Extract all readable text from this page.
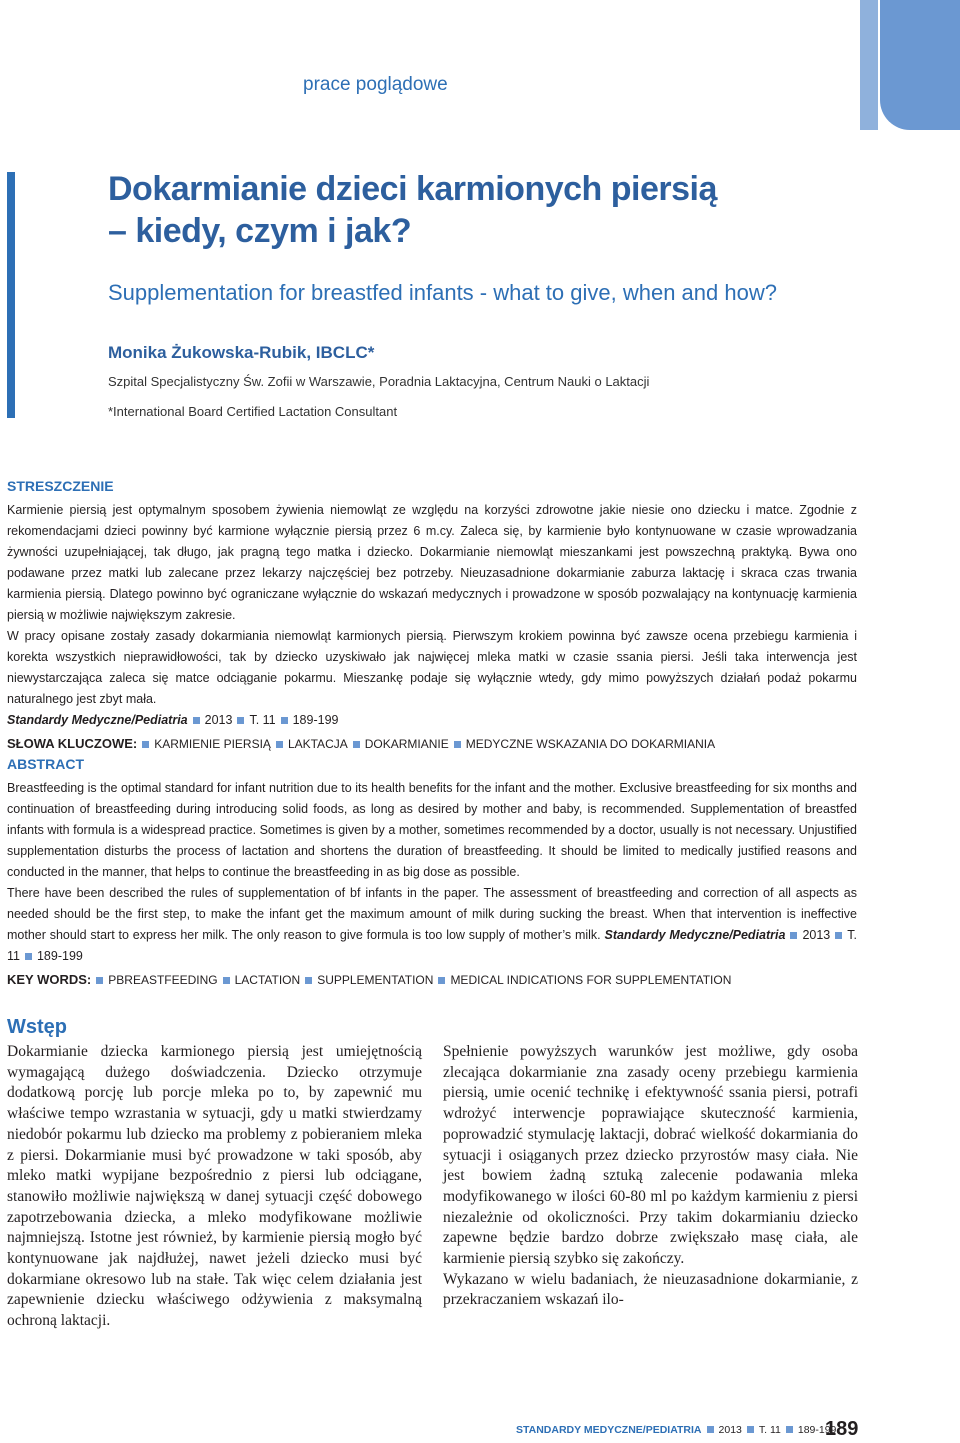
prace poglądowe
Dokarmianie dzieci karmionych piersią
– kiedy, czym i jak?
Supplementation for breastfed infants - what to give, when and how?
Monika Żukowska-Rubik, IBCLC*
Szpital Specjalistyczny Św. Zofii w Warszawie, Poradnia Laktacyjna, Centrum Nauki o Laktacji
*International Board Certified Lactation Consultant
STRESZCZENIE

Karmienie piersią jest optymalnym sposobem żywienia niemowląt ze względu na korzyści zdrowotne jakie niesie ono dziecku i matce. Zgodnie z rekomendacjami dzieci powinny być karmione wyłącznie piersią przez 6 m.cy. Zaleca się, by karmienie było kontynuowane w czasie wprowadzania żywności uzupełniającej, tak długo, jak pragną tego matka i dziecko. Dokarmianie niemowląt mieszankami jest powszechną praktyką. Bywa ono podawane przez matki lub zalecane przez lekarzy najczęściej bez potrzeby. Nieuzasadnione dokarmianie zaburza laktację i skraca czas trwania karmienia piersią. Dlatego powinno być ograniczane wyłącznie do wskazań medycznych i prowadzone w sposób pozwalający na kontynuację karmienia piersią w możliwie największym zakresie.

W pracy opisane zostały zasady dokarmiania niemowląt karmionych piersią. Pierwszym krokiem powinna być zawsze ocena przebiegu karmienia i korekta wszystkich nieprawidłowości, tak by dziecko uzyskiwało jak najwięcej mleka matki w czasie ssania piersi. Jeśli taka interwencja jest niewystarczająca zaleca się matce odciąganie pokarmu. Mieszankę podaje się wyłącznie wtedy, gdy mimo powyższych działań podaż pokarmu naturalnego jest zbyt mała.

Standardy Medyczne/Pediatria 2013 T. 11 189-199

SŁOWA KLUCZOWE: KARMIENIE PIERSIĄ LAKTACJA DOKARMIANIE MEDYCZNE WSKAZANIA DO DOKARMIANIA
ABSTRACT

Breastfeeding is the optimal standard for infant nutrition due to its health benefits for the infant and the mother. Exclusive breastfeeding for six months and continuation of breastfeeding during introducing solid foods, as long as desired by mother and baby, is recommended. Supplementation of breastfed infants with formula is a widespread practice. Sometimes is given by a mother, sometimes recommended by a doctor, usually is not necessary. Unjustified supplementation disturbs the process of lactation and shortens the duration of breastfeeding. It should be limited to medically justified reasons and conducted in the manner, that helps to continue the breastfeeding in as big dose as possible.

There have been described the rules of supplementation of bf infants in the paper. The assessment of breastfeeding and correction of all aspects as needed should be the first step, to make the infant get the maximum amount of milk during sucking the breast. When that intervention is ineffective mother should start to express her milk. The only reason to give formula is too low supply of mother’s milk. Standardy Medyczne/Pediatria 2013 T. 11 189-199

KEY WORDS: PBREASTFEEDING LACTATION SUPPLEMENTATION MEDICAL INDICATIONS FOR SUPPLEMENTATION
Wstęp

Dokarmianie dziecka karmionego piersią jest umiejętnością wymagającą dużego doświadczenia. Dziecko otrzymuje dodatkową porcję lub porcje mleka po to, by zapewnić mu właściwe tempo wzrastania w sytuacji, gdy u matki stwierdzamy niedobór pokarmu lub dziecko ma problemy z pobieraniem mleka z piersi. Dokarmianie musi być prowadzone w taki sposób, aby mleko matki wypijane bezpośrednio z piersi lub odciągane, stanowiło możliwie największą w danej sytuacji część dobowego zapotrzebowania dziecka, a mleko modyfikowane możliwie najmniejszą. Istotne jest również, by karmienie piersią mogło być kontynuowane jak najdłużej, nawet jeżeli dziecko musi być dokarmiane okresowo lub na stałe. Tak więc celem działania jest zapewnienie dziecku właściwego odżywienia z maksymalną ochroną laktacji.

Spełnienie powyższych warunków jest możliwe, gdy osoba zlecająca dokarmianie zna zasady oceny przebiegu karmienia piersią, umie ocenić technikę i efektywność ssania piersi, potrafi wdrożyć interwencje poprawiające skuteczność karmienia, poprowadzić stymulację laktacji, dobrać wielkość dokarmiania do sytuacji i osiąganych przez dziecko przyrostów masy ciała. Nie jest bowiem żadną sztuką zalecenie podawania mleka modyfikowanego w ilości 60-80 ml po każdym karmieniu z piersi niezależnie od okoliczności. Przy takim dokarmianiu dziecko zapewne będzie bardzo dobrze zwiększało masę ciała, ale karmienie piersią szybko się zakończy.

Wykazano w wielu badaniach, że nieuzasadnione dokarmianie, z przekraczaniem wskazań ilo-

STANDARDY MEDYCZNE/PEDIATRIA 2013 T. 11 189-199
189
